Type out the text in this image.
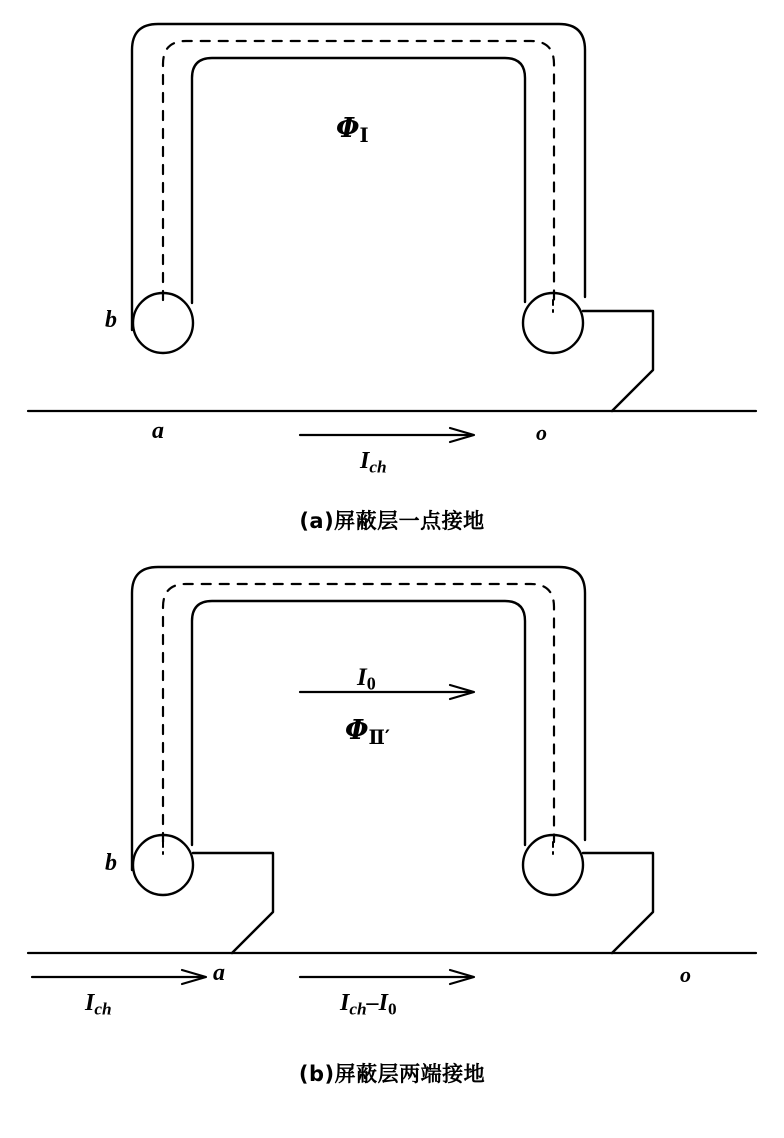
ΦⅠ
b
a	o
$I_{ch}$
(a)屏蔽层一点接地
I0
ΦⅡ′
b
a	o
$I_{ch}$	$I_{ch}-I0$
(b)屏蔽层两端接地
